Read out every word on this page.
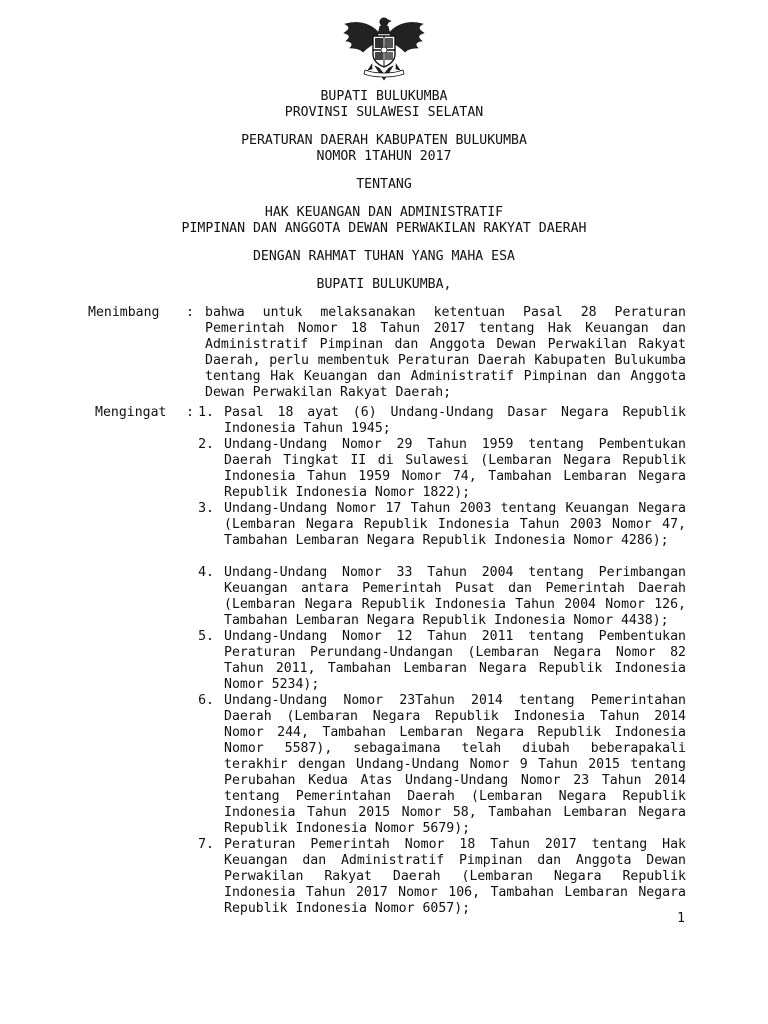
BUPATI BULUKUMBA
PROVINSI SULAWESI SELATAN
PERATURAN DAERAH KABUPATEN BULUKUMBA
NOMOR 1TAHUN 2017
TENTANG
HAK KEUANGAN DAN ADMINISTRATIF
PIMPINAN DAN ANGGOTA DEWAN PERWAKILAN RAKYAT DAERAH
DENGAN RAHMAT TUHAN YANG MAHA ESA
BUPATI BULUKUMBA,
Menimbang : bahwa untuk melaksanakan ketentuan Pasal 28 Peraturan Pemerintah Nomor 18 Tahun 2017 tentang Hak Keuangan dan Administratif Pimpinan dan Anggota Dewan Perwakilan Rakyat Daerah, perlu membentuk Peraturan Daerah Kabupaten Bulukumba tentang Hak Keuangan dan Administratif Pimpinan dan Anggota Dewan Perwakilan Rakyat Daerah;
Mengingat : 1. Pasal 18 ayat (6) Undang-Undang Dasar Negara Republik Indonesia Tahun 1945;
2. Undang-Undang Nomor 29 Tahun 1959 tentang Pembentukan Daerah Tingkat II di Sulawesi (Lembaran Negara Republik Indonesia Tahun 1959 Nomor 74, Tambahan Lembaran Negara Republik Indonesia Nomor 1822);
3. Undang-Undang Nomor 17 Tahun 2003 tentang Keuangan Negara (Lembaran Negara Republik Indonesia Tahun 2003 Nomor 47, Tambahan Lembaran Negara Republik Indonesia Nomor 4286);
4. Undang-Undang Nomor 33 Tahun 2004 tentang Perimbangan Keuangan antara Pemerintah Pusat dan Pemerintah Daerah (Lembaran Negara Republik Indonesia Tahun 2004 Nomor 126, Tambahan Lembaran Negara Republik Indonesia Nomor 4438);
5. Undang-Undang Nomor 12 Tahun 2011 tentang Pembentukan Peraturan Perundang-Undangan (Lembaran Negara Nomor 82 Tahun 2011, Tambahan Lembaran Negara Republik Indonesia Nomor 5234);
6. Undang-Undang Nomor 23Tahun 2014 tentang Pemerintahan Daerah (Lembaran Negara Republik Indonesia Tahun 2014 Nomor 244, Tambahan Lembaran Negara Republik Indonesia Nomor 5587), sebagaimana telah diubah beberapakali terakhir dengan Undang-Undang Nomor 9 Tahun 2015 tentang Perubahan Kedua Atas Undang-Undang Nomor 23 Tahun 2014 tentang Pemerintahan Daerah (Lembaran Negara Republik Indonesia Tahun 2015 Nomor 58, Tambahan Lembaran Negara Republik Indonesia Nomor 5679);
7. Peraturan Pemerintah Nomor 18 Tahun 2017 tentang Hak Keuangan dan Administratif Pimpinan dan Anggota Dewan Perwakilan Rakyat Daerah (Lembaran Negara Republik Indonesia Tahun 2017 Nomor 106, Tambahan Lembaran Negara Republik Indonesia Nomor 6057);
1
